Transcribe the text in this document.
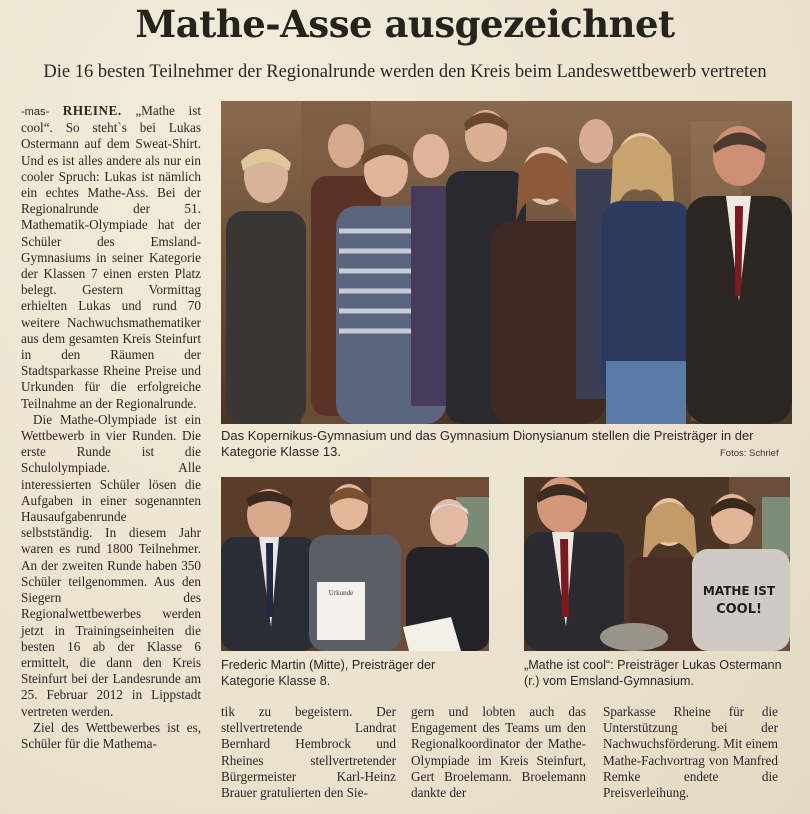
Mathe-Asse ausgezeichnet
Die 16 besten Teilnehmer der Regionalrunde werden den Kreis beim Landeswettbewerb vertreten

-mas- RHEINE. „Mathe ist cool“. So steht`s bei Lukas Ostermann auf dem Sweat-Shirt. Und es ist alles andere als nur ein cooler Spruch: Lukas ist nämlich ein echtes Mathe-Ass. Bei der Regionalrunde der 51. Mathematik-Olympiade hat der Schüler des Emsland-Gymnasiums in seiner Kategorie der Klassen 7 einen ersten Platz belegt. Gestern Vormittag erhielten Lukas und rund 70 weitere Nachwuchsmathematiker aus dem gesamten Kreis Steinfurt in den Räumen der Stadtsparkasse Rheine Preise und Urkunden für die erfolgreiche Teilnahme an der Regionalrunde.

Die Mathe-Olympiade ist ein Wettbewerb in vier Runden. Die erste Runde ist die Schulolympiade. Alle interessierten Schüler lösen die Aufgaben in einer sogenannten Hausaufgabenrunde selbstständig. In diesem Jahr waren es rund 1800 Teilnehmer. An der zweiten Runde haben 350 Schüler teilgenommen. Aus den Siegern des Regionalwettbewerbes werden jetzt in Trainingseinheiten die besten 16 ab der Klasse 6 ermittelt, die dann den Kreis Steinfurt bei der Landesrunde am 25. Februar 2012 in Lippstadt vertreten werden.

Ziel des Wettbewerbes ist es, Schüler für die Mathema-

Das Kopernikus-Gymnasium und das Gymnasium Dionysianum stellen die Preisträger in der Kategorie Klasse 13.	Fotos: Schrief
Urkunde
Frederic Martin (Mitte), Preisträger der Kategorie Klasse 8.
MATHE IST
COOL!
„Mathe ist cool“: Preisträger Lukas Ostermann (r.) vom Emsland-Gymnasium.
tik zu begeistern. Der stellvertretende Landrat Bernhard Hembrock und Rheines stellvertretender Bürgermeister Karl-Heinz Brauer gratulierten den Sie-
gern und lobten auch das Engagement des Teams um den Regionalkoordinator der Mathe-Olympiade im Kreis Steinfurt, Gert Broelemann. Broelemann dankte der
Sparkasse Rheine für die Unterstützung bei der Nachwuchsförderung. Mit einem Mathe-Fachvortrag von Manfred Remke endete die Preisverleihung.
